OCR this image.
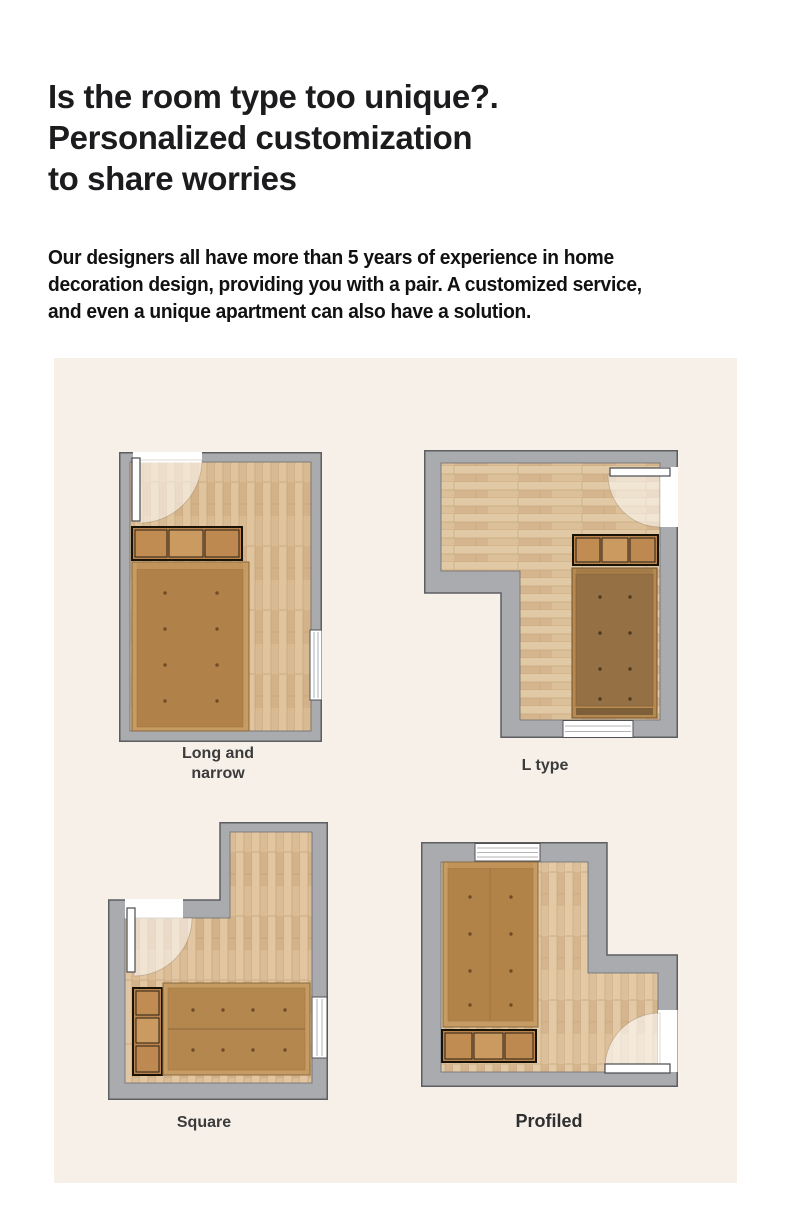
Is the room type too unique?.
Personalized customization
to share worries

Our designers all have more than 5 years of experience in home
decoration design, providing you with a pair. A customized service,
and even a unique apartment can also have a solution.

Long and narrow	L type
Square	Profiled
